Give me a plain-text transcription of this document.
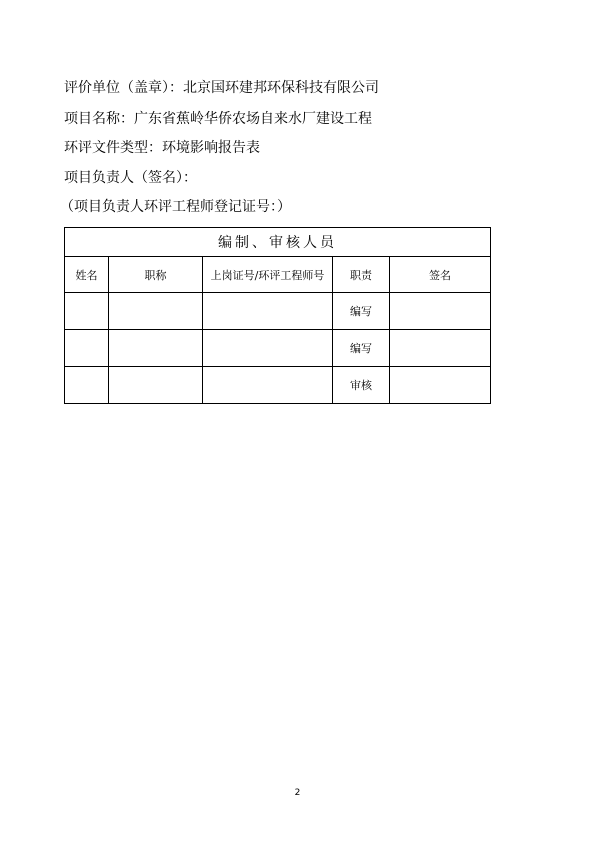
评价单位（盖章）：北京国环建邦环保科技有限公司
项目名称：广东省蕉岭华侨农场自来水厂建设工程
环评文件类型：环境影响报告表
项目负责人（签名）：
（项目负责人环评工程师登记证号：）
编制、审核人员				
姓名	职称	上岗证号/环评工程师号	职责	签名
			编写	
			编写	
			审核	
2
